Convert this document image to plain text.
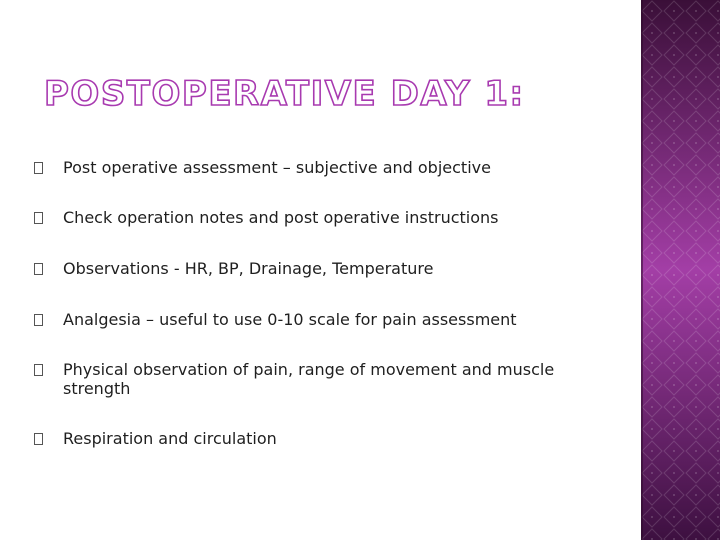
POSTOPERATIVE DAY 1:
Post operative assessment – subjective and objective
Check operation notes and post operative instructions
Observations - HR, BP, Drainage, Temperature
Analgesia – useful to use 0-10 scale for pain assessment
Physical observation of pain, range of movement and muscle strength
Respiration and circulation
